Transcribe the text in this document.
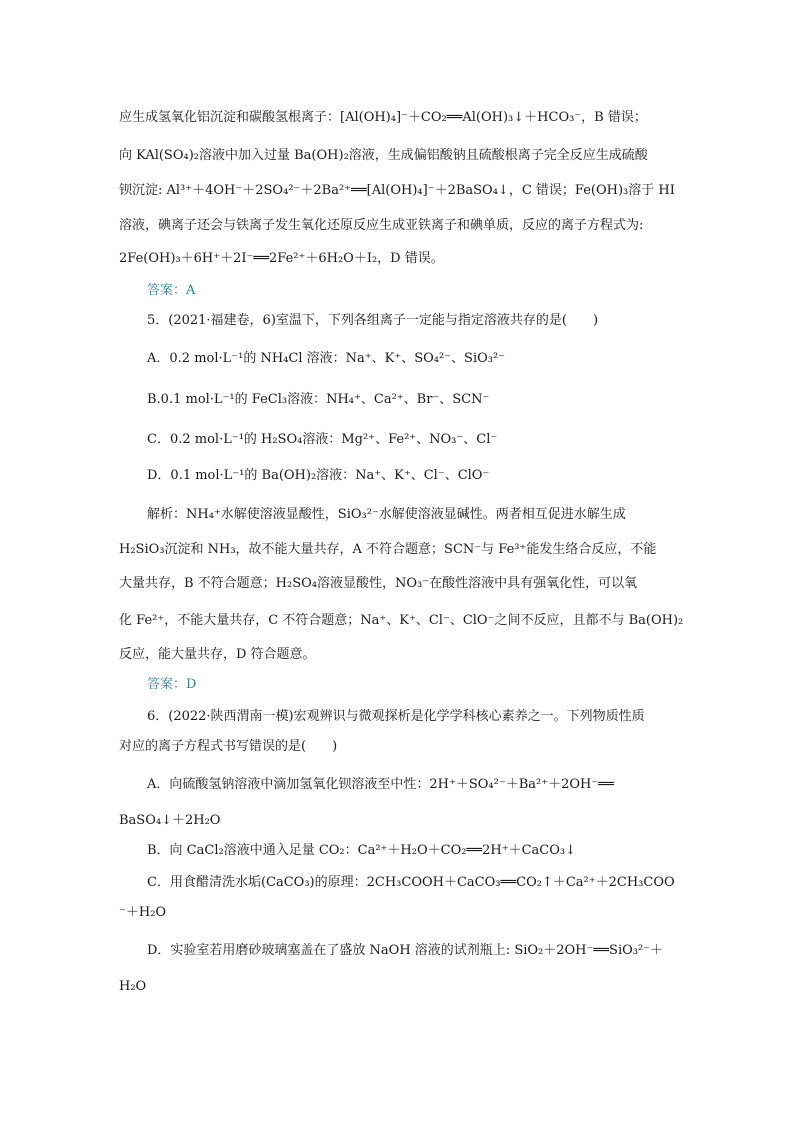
应生成氢氧化铝沉淀和碳酸氢根离子：[Al(OH)₄]⁻＋CO₂══Al(OH)₃↓＋HCO₃⁻，B 错误；
向 KAl(SO₄)₂溶液中加入过量 Ba(OH)₂溶液，生成偏铝酸钠且硫酸根离子完全反应生成硫酸
钡沉淀: Al³⁺＋4OH⁻＋2SO₄²⁻＋2Ba²⁺══[Al(OH)₄]⁻＋2BaSO₄↓，C 错误；Fe(OH)₃溶于 HI
溶液，碘离子还会与铁离子发生氧化还原反应生成亚铁离子和碘单质，反应的离子方程式为:
2Fe(OH)₃＋6H⁺＋2I⁻══2Fe²⁺＋6H₂O＋I₂，D 错误。
答案：A
5．(2021·福建卷，6)室温下，下列各组离子一定能与指定溶液共存的是(　　)
A．0.2 mol·L⁻¹的 NH₄Cl 溶液：Na⁺、K⁺、SO₄²⁻、SiO₃²⁻
B.0.1 mol·L⁻¹的 FeCl₃溶液：NH₄⁺、Ca²⁺、Br⁻、SCN⁻
C．0.2 mol·L⁻¹的 H₂SO₄溶液：Mg²⁺、Fe²⁺、NO₃⁻、Cl⁻
D．0.1 mol·L⁻¹的 Ba(OH)₂溶液：Na⁺、K⁺、Cl⁻、ClO⁻
解析：NH₄⁺水解使溶液显酸性，SiO₃²⁻水解使溶液显碱性。两者相互促进水解生成
H₂SiO₃沉淀和 NH₃，故不能大量共存，A 不符合题意；SCN⁻与 Fe³⁺能发生络合反应，不能
大量共存，B 不符合题意；H₂SO₄溶液显酸性，NO₃⁻在酸性溶液中具有强氧化性，可以氧
化 Fe²⁺，不能大量共存，C 不符合题意；Na⁺、K⁺、Cl⁻、ClO⁻之间不反应，且都不与 Ba(OH)₂
反应，能大量共存，D 符合题意。
答案：D
6．(2022·陕西渭南一模)宏观辨识与微观探析是化学学科核心素养之一。下列物质性质
对应的离子方程式书写错误的是(　　)
A．向硫酸氢钠溶液中滴加氢氧化钡溶液至中性：2H⁺＋SO₄²⁻＋Ba²⁺＋2OH⁻══
BaSO₄↓＋2H₂O
B．向 CaCl₂溶液中通入足量 CO₂：Ca²⁺＋H₂O＋CO₂══2H⁺＋CaCO₃↓
C．用食醋清洗水垢(CaCO₃)的原理：2CH₃COOH＋CaCO₃══CO₂↑＋Ca²⁺＋2CH₃COO
⁻＋H₂O
D．实验室若用磨砂玻璃塞盖在了盛放 NaOH 溶液的试剂瓶上: SiO₂＋2OH⁻══SiO₃²⁻＋
H₂O
